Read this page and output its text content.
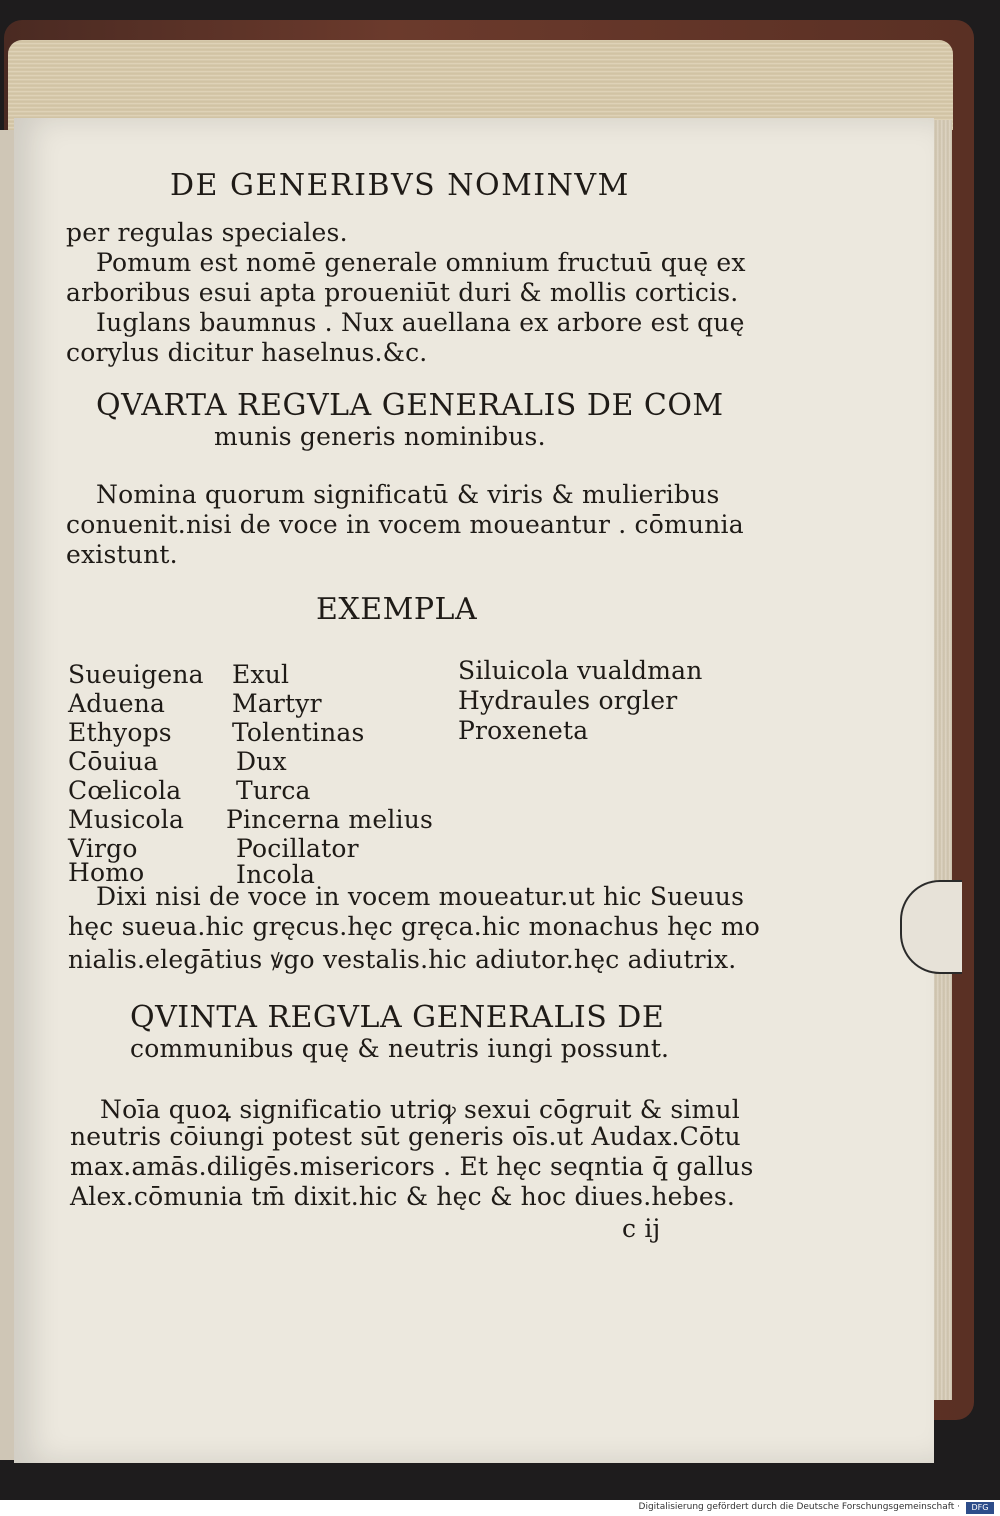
DE GENERIBVS NOMINVM
per regulas speciales.
Pomum est nomē generale omnium fructuū quę ex
arboribus esui apta proueniūt duri & mollis corticis.
Iuglans baumnus . Nux auellana ex arbore est quę
corylus dicitur haselnus.&c.
QVARTA REGVLA GENERALIS DE COM
munis generis nominibus.
Nomina quorum significatū & viris & mulieribus
conuenit.nisi de voce in vocem moueantur . cōmunia
existunt.
EXEMPLA
Sueuigena
Aduena
Ethyops
Cōuiua
Cœlicola
Musicola
Virgo
Homo
Exul
Martyr
Tolentinas
Dux
Turca
Pincerna melius
Pocillator
Incola
Siluicola vualdman
Hydraules orgler
Proxeneta
Dixi nisi de voce in vocem moueatur.ut hic Sueuus
hęc sueua.hic gręcus.hęc gręca.hic monachus hęc mo
nialis.elegātius ꝟgo vestalis.hic adiutor.hęc adiutrix.
QVINTA REGVLA GENERALIS DE
communibus quę & neutris iungi possunt.
Noīa quoꝝ significatio utriꝙ sexui cōgruit & simul
neutris cōiungi potest sūt generis oīs.ut Audax.Cōtu
max.amās.diligēs.misericors . Et hęc seqntia q̄ gallus
Alex.cōmunia tm̄ dixit.hic & hęc & hoc diues.hebes.
c ij
Digitalisierung gefördert durch die Deutsche Forschungsgemeinschaft ·	DFG
